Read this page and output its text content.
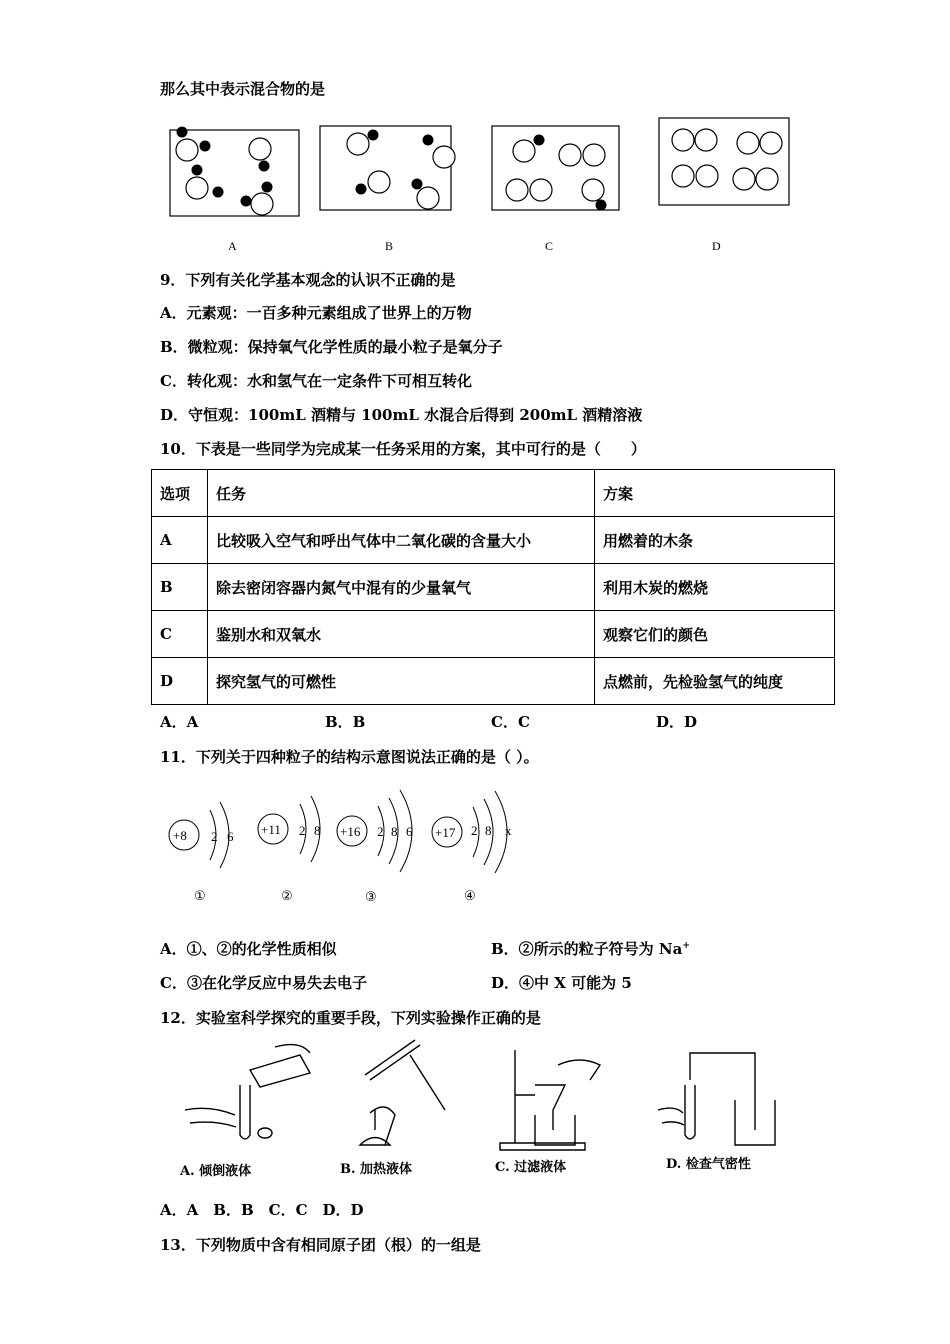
那么其中表示混合物的是
A	B	C	D
9．下列有关化学基本观念的认识不正确的是
A．元素观：一百多种元素组成了世界上的万物
B．微粒观：保持氧气化学性质的最小粒子是氧分子
C．转化观：水和氢气在一定条件下可相互转化
D．守恒观：100mL 酒精与 100mL 水混合后得到 200mL 酒精溶液
10．下表是一些同学为完成某一任务采用的方案，其中可行的是（　　）
选项	任务	方案
A	比较吸入空气和呼出气体中二氧化碳的含量大小	用燃着的木条
B	除去密闭容器内氮气中混有的少量氧气	利用木炭的燃烧
C	鉴别水和双氧水	观察它们的颜色
D	探究氢气的可燃性	点燃前，先检验氢气的纯度
A．A	B．B	C．C	D．D
11．下列关于四种粒子的结构示意图说法正确的是（ ）。
+8 2 6 +11 2 8 +16 2 8 6 +17 2 8 x
①	②	③	④
A．①、②的化学性质相似	B．②所示的粒子符号为 Na+
C．③在化学反应中易失去电子	D．④中 X 可能为 5
12．实验室科学探究的重要手段，下列实验操作正确的是
A. 倾倒液体	B. 加热液体	C. 过滤液体	D. 检查气密性
A．A　B．B　C．C　D．D
13．下列物质中含有相同原子团（根）的一组是
